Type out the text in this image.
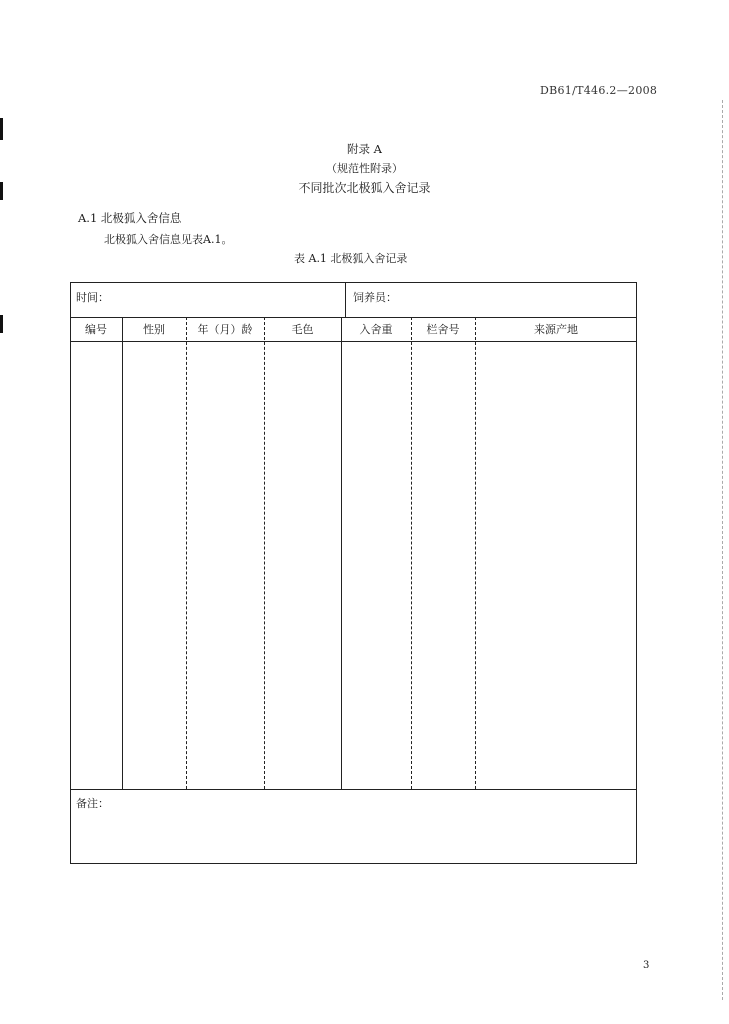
DB61/T446.2—2008
附录 A
（规范性附录）
不同批次北极狐入舍记录
A.1 北极狐入舍信息
北极狐入舍信息见表A.1。
表 A.1 北极狐入舍记录
时间：	饲养员：
编号	性别	年（月）龄	毛色	入舍重	栏舍号	来源产地
备注：
3
